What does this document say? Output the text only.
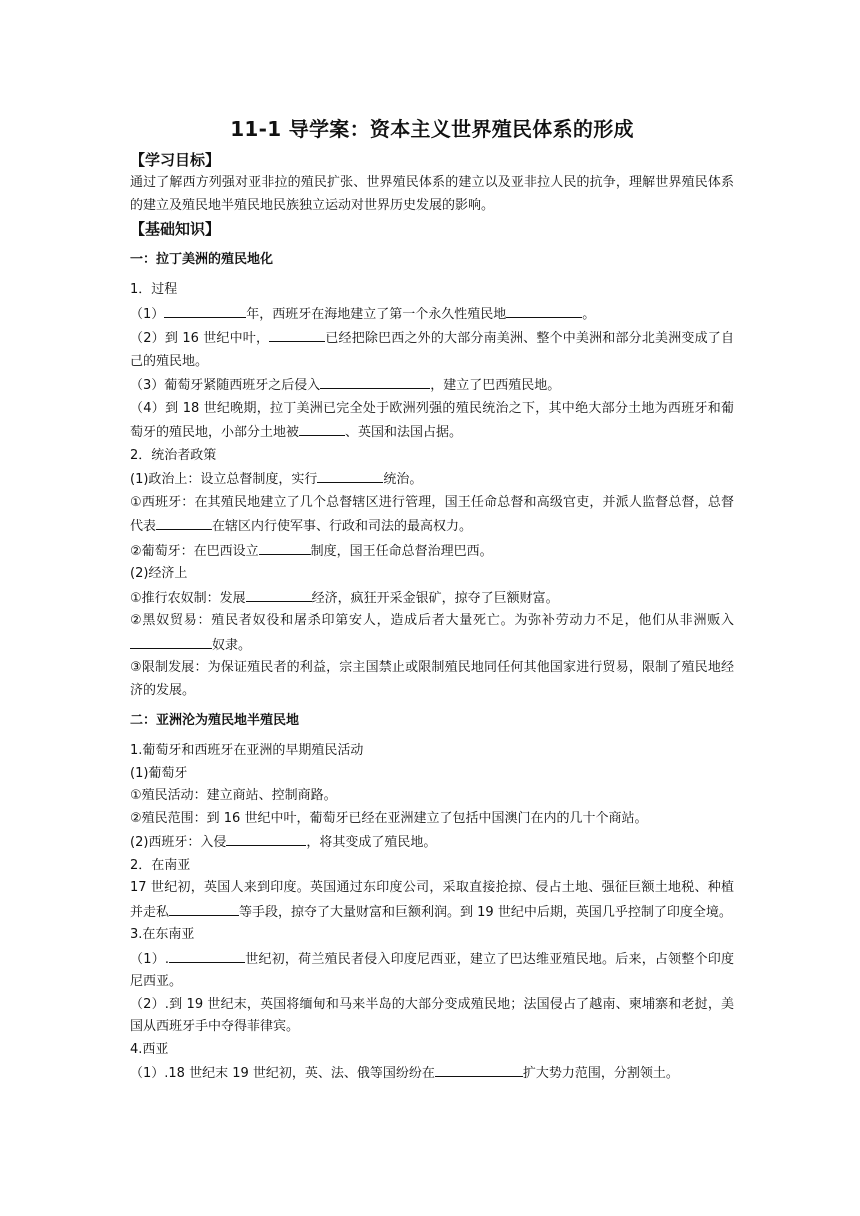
11-1 导学案：资本主义世界殖民体系的形成
【学习目标】

通过了解西方列强对亚非拉的殖民扩张、世界殖民体系的建立以及亚非拉人民的抗争，理解世界殖民体系的建立及殖民地半殖民地民族独立运动对世界历史发展的影响。

【基础知识】
一：拉丁美洲的殖民地化

1．过程

（1）	年，西班牙在海地建立了第一个永久性殖民地	。

（2）到 16 世纪中叶，	已经把除巴西之外的大部分南美洲、整个中美洲和部分北美洲变成了自己的殖民地。

（3）葡萄牙紧随西班牙之后侵入	，建立了巴西殖民地。

（4）到 18 世纪晚期，拉丁美洲已完全处于欧洲列强的殖民统治之下，其中绝大部分土地为西班牙和葡萄牙的殖民地，小部分土地被	、英国和法国占据。

2．统治者政策

(1)政治上：设立总督制度，实行	统治。

①西班牙：在其殖民地建立了几个总督辖区进行管理，国王任命总督和高级官吏，并派人监督总督，总督代表	在辖区内行使军事、行政和司法的最高权力。

②葡萄牙：在巴西设立	制度，国王任命总督治理巴西。

(2)经济上

①推行农奴制：发展	经济，疯狂开采金银矿，掠夺了巨额财富。

②黑奴贸易：殖民者奴役和屠杀印第安人，造成后者大量死亡。为弥补劳动力不足，他们从非洲贩入奴隶。

③限制发展：为保证殖民者的利益，宗主国禁止或限制殖民地同任何其他国家进行贸易，限制了殖民地经济的发展。

二：亚洲沦为殖民地半殖民地

1.葡萄牙和西班牙在亚洲的早期殖民活动

(1)葡萄牙

①殖民活动：建立商站、控制商路。

②殖民范围：到 16 世纪中叶，葡萄牙已经在亚洲建立了包括中国澳门在内的几十个商站。

(2)西班牙：入侵	，将其变成了殖民地。

2．在南亚

17 世纪初，英国人来到印度。英国通过东印度公司，采取直接抢掠、侵占土地、强征巨额土地税、种植并走私	等手段，掠夺了大量财富和巨额利润。到 19 世纪中后期，英国几乎控制了印度全境。

3.在东南亚

（1）.	世纪初，荷兰殖民者侵入印度尼西亚，建立了巴达维亚殖民地。后来，占领整个印度尼西亚。

（2）.到 19 世纪末，英国将缅甸和马来半岛的大部分变成殖民地；法国侵占了越南、柬埔寨和老挝，美国从西班牙手中夺得菲律宾。

4.西亚

（1）.18 世纪末 19 世纪初，英、法、俄等国纷纷在	扩大势力范围，分割领土。
